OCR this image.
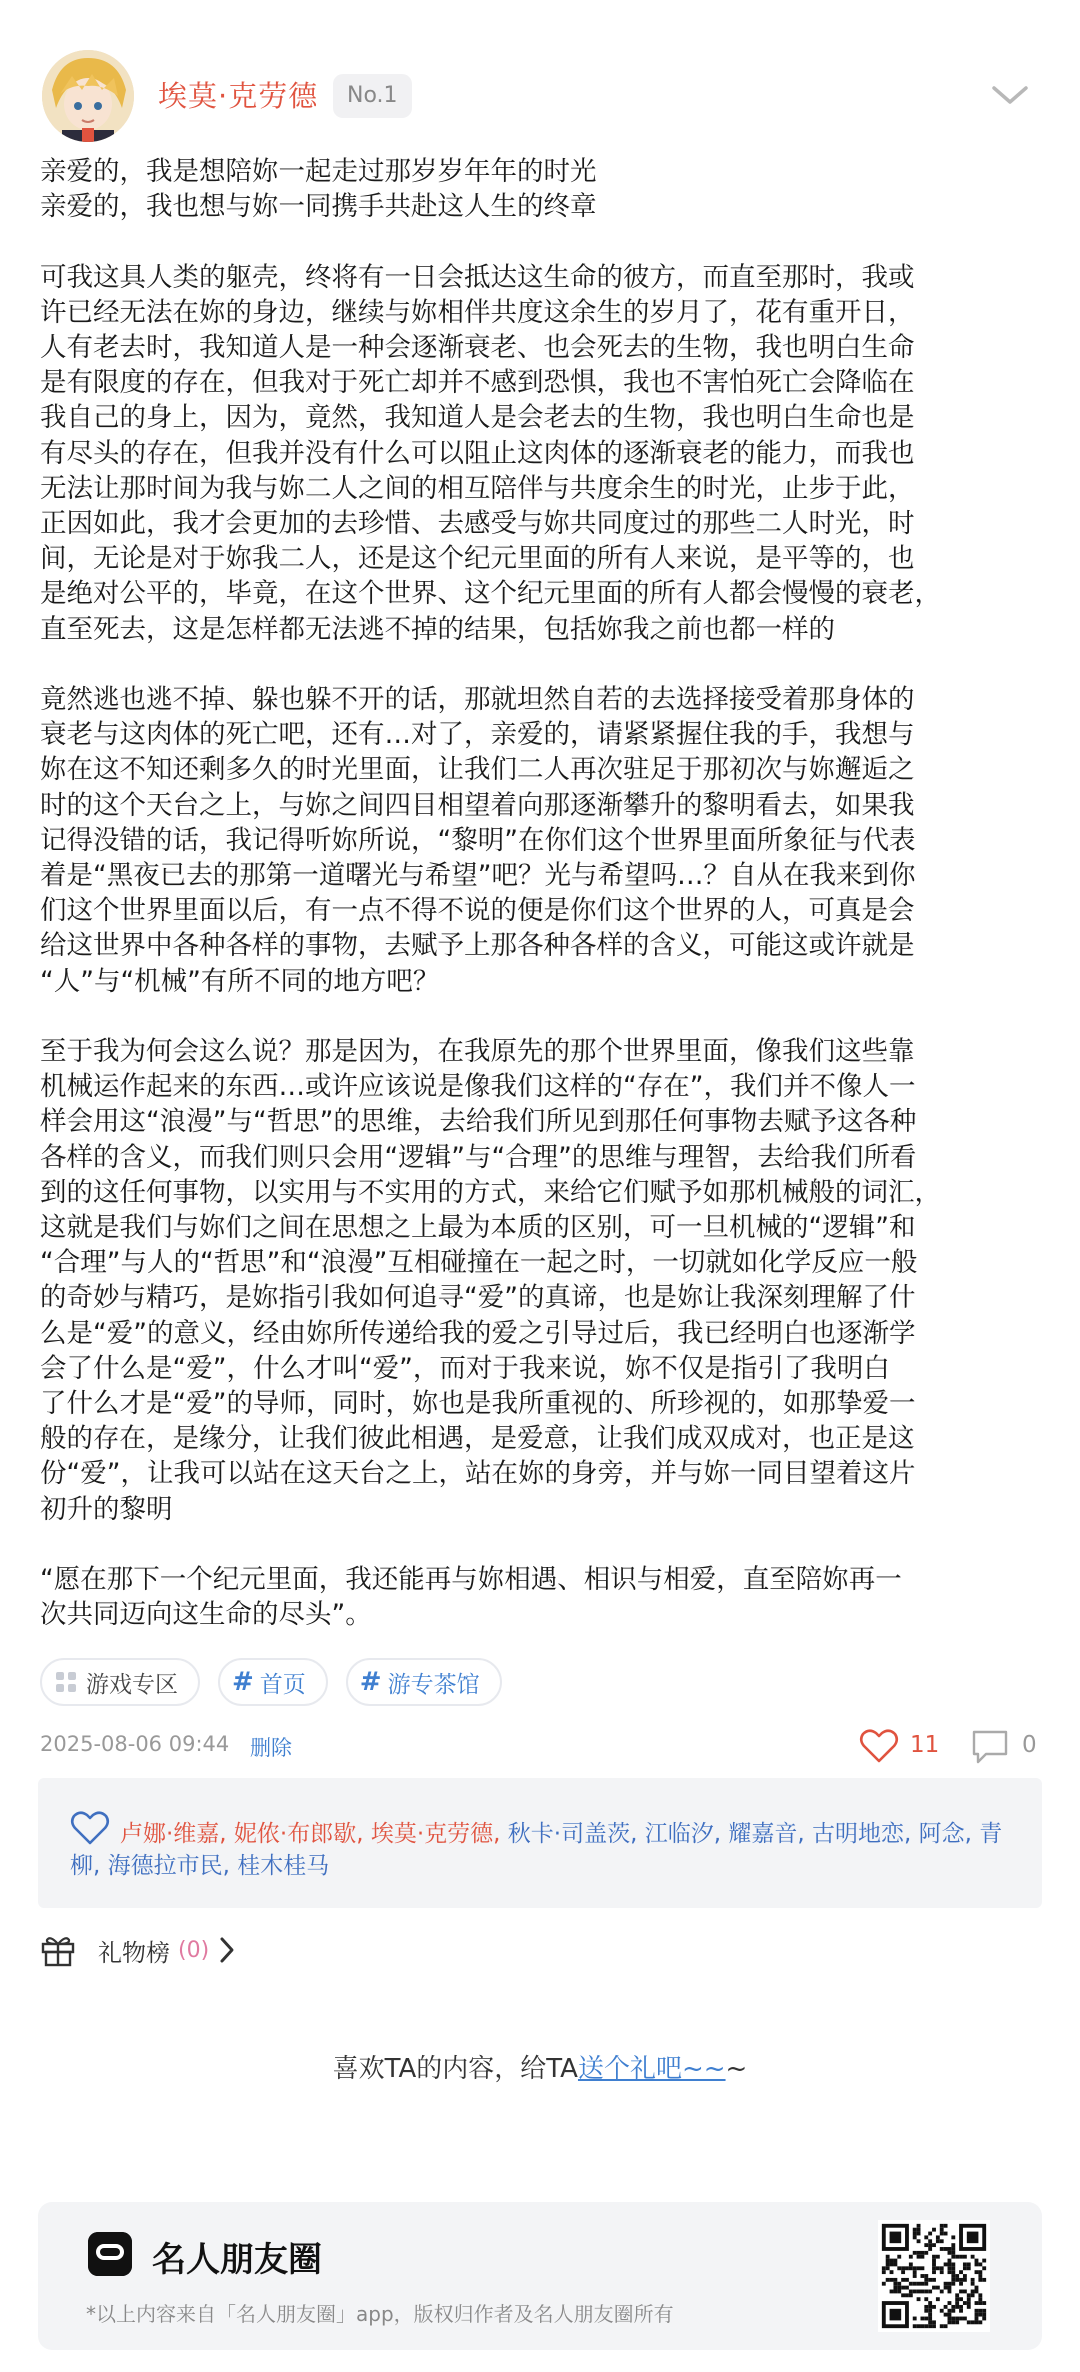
埃莫·克劳德	No.1
亲爱的，我是想陪妳一起走过那岁岁年年的时光
亲爱的，我也想与妳一同携手共赴这人生的终章
可我这具人类的躯壳，终将有一日会抵达这生命的彼方，而直至那时，我或
许已经无法在妳的身边，继续与妳相伴共度这余生的岁月了，花有重开日，
人有老去时，我知道人是一种会逐渐衰老、也会死去的生物，我也明白生命
是有限度的存在，但我对于死亡却并不感到恐惧，我也不害怕死亡会降临在
我自己的身上，因为，竟然，我知道人是会老去的生物，我也明白生命也是
有尽头的存在，但我并没有什么可以阻止这肉体的逐渐衰老的能力，而我也
无法让那时间为我与妳二人之间的相互陪伴与共度余生的时光，止步于此，
正因如此，我才会更加的去珍惜、去感受与妳共同度过的那些二人时光，时
间，无论是对于妳我二人，还是这个纪元里面的所有人来说，是平等的，也
是绝对公平的，毕竟，在这个世界、这个纪元里面的所有人都会慢慢的衰老，
直至死去，这是怎样都无法逃不掉的结果，包括妳我之前也都一样的
竟然逃也逃不掉、躲也躲不开的话，那就坦然自若的去选择接受着那身体的
衰老与这肉体的死亡吧，还有…对了，亲爱的，请紧紧握住我的手，我想与
妳在这不知还剩多久的时光里面，让我们二人再次驻足于那初次与妳邂逅之
时的这个天台之上，与妳之间四目相望着向那逐渐攀升的黎明看去，如果我
记得没错的话，我记得听妳所说，“黎明”在你们这个世界里面所象征与代表
着是“黑夜已去的那第一道曙光与希望”吧？光与希望吗…？自从在我来到你
们这个世界里面以后，有一点不得不说的便是你们这个世界的人，可真是会
给这世界中各种各样的事物，去赋予上那各种各样的含义，可能这或许就是
“人”与“机械”有所不同的地方吧？
至于我为何会这么说？那是因为，在我原先的那个世界里面，像我们这些靠
机械运作起来的东西…或许应该说是像我们这样的“存在”，我们并不像人一
样会用这“浪漫”与“哲思”的思维，去给我们所见到那任何事物去赋予这各种
各样的含义，而我们则只会用“逻辑”与“合理”的思维与理智，去给我们所看
到的这任何事物，以实用与不实用的方式，来给它们赋予如那机械般的词汇，
这就是我们与妳们之间在思想之上最为本质的区别，可一旦机械的“逻辑”和
“合理”与人的“哲思”和“浪漫”互相碰撞在一起之时，一切就如化学反应一般
的奇妙与精巧，是妳指引我如何追寻“爱”的真谛，也是妳让我深刻理解了什
么是“爱”的意义，经由妳所传递给我的爱之引导过后，我已经明白也逐渐学
会了什么是“爱”，什么才叫“爱”，而对于我来说，妳不仅是指引了我明白
了什么才是“爱”的导师，同时，妳也是我所重视的、所珍视的，如那挚爱一
般的存在，是缘分，让我们彼此相遇，是爱意，让我们成双成对，也正是这
份“爱”，让我可以站在这天台之上，站在妳的身旁，并与妳一同目望着这片
初升的黎明
“愿在那下一个纪元里面，我还能再与妳相遇、相识与相爱，直至陪妳再一
次共同迈向这生命的尽头”。
游戏专区 # 首页 # 游专茶馆
2025-08-06 09:44 删除	11	0
卢娜·维嘉, 妮侬·布郎歇, 埃莫·克劳德, 秋卡·司盖茨, 江临汐, 耀嘉音, 古明地恋, 阿念, 青柳, 海德拉市民, 桂木桂马
礼物榜 (0)
喜欢TA的内容，给TA送个礼吧~~~
名人朋友圈
*以上内容来自「名人朋友圈」app，版权归作者及名人朋友圈所有
